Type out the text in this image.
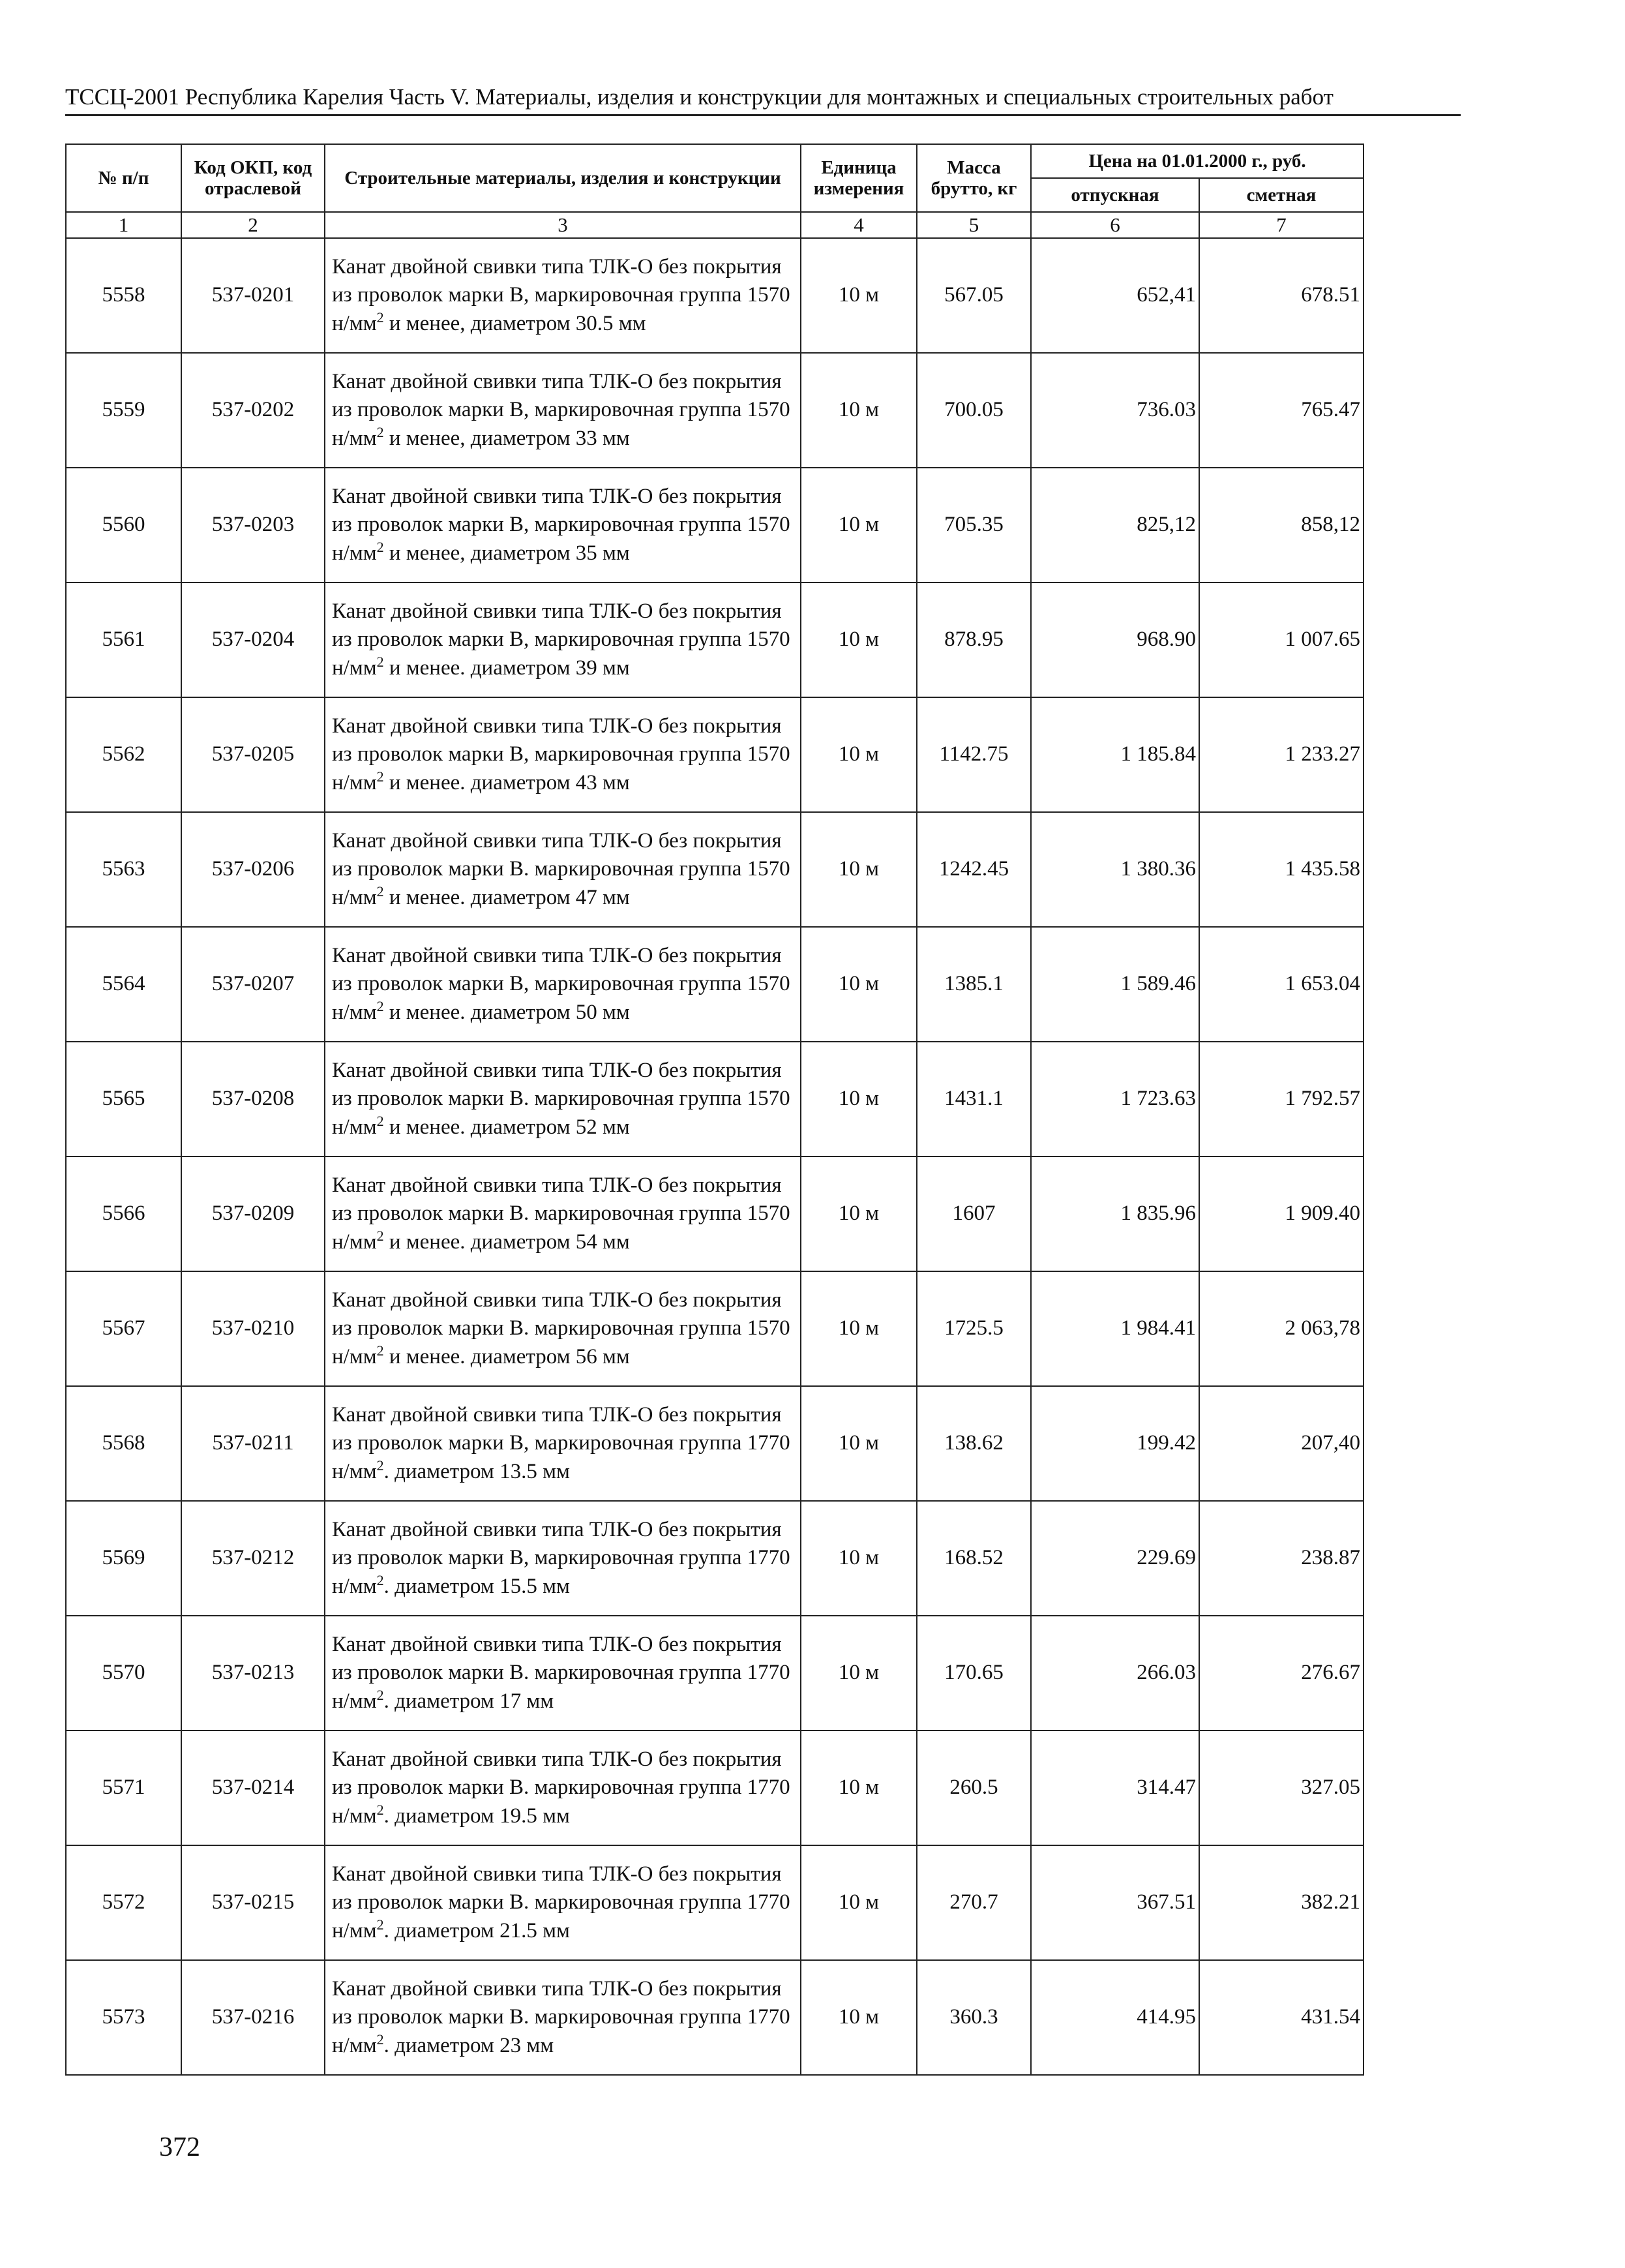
ТССЦ-2001 Республика Карелия Часть V. Материалы, изделия и конструкции для монтажных и специальных строительных работ
№ п/п	Код ОКП, код отраслевой	Строительные материалы, изделия и конструкции	Единица измерения	Масса брутто, кг	Цена на 01.01.2000 г., руб.	
					отпускная	сметная
1	2	3	4	5	6	7
5558	537-0201	Канат двойной свивки типа ТЛК-О без покрытия из проволок марки В, маркировочная группа 1570 $н/мм^2$ и менее, диаметром 30.5 мм	10 м	567.05	652,41	678.51
5559	537-0202	Канат двойной свивки типа ТЛК-О без покрытия из проволок марки В, маркировочная группа 1570 $н/мм^2$ и менее, диаметром 33 мм	10 м	700.05	736.03	765.47
5560	537-0203	Канат двойной свивки типа ТЛК-О без покрытия из проволок марки В, маркировочная группа 1570 $н/мм^2$ и менее, диаметром 35 мм	10 м	705.35	825,12	858,12
5561	537-0204	Канат двойной свивки типа ТЛК-О без покрытия из проволок марки В, маркировочная группа 1570 $н/мм^2$ и менее. диаметром 39 мм	10 м	878.95	968.90	1 007.65
5562	537-0205	Канат двойной свивки типа ТЛК-О без покрытия из проволок марки В, маркировочная группа 1570 $н/мм^2$ и менее. диаметром 43 мм	10 м	1142.75	1 185.84	1 233.27
5563	537-0206	Канат двойной свивки типа ТЛК-О без покрытия из проволок марки В. маркировочная группа 1570 $н/мм^2$ и менее. диаметром 47 мм	10 м	1242.45	1 380.36	1 435.58
5564	537-0207	Канат двойной свивки типа ТЛК-О без покрытия из проволок марки В, маркировочная группа 1570 $н/мм^2$ и менее. диаметром 50 мм	10 м	1385.1	1 589.46	1 653.04
5565	537-0208	Канат двойной свивки типа ТЛК-О без покрытия из проволок марки В. маркировочная группа 1570 $н/мм^2$ и менее. диаметром 52 мм	10 м	1431.1	1 723.63	1 792.57
5566	537-0209	Канат двойной свивки типа ТЛК-О без покрытия из проволок марки В. маркировочная группа 1570 $н/мм^2$ и менее. диаметром 54 мм	10 м	1607	1 835.96	1 909.40
5567	537-0210	Канат двойной свивки типа ТЛК-О без покрытия из проволок марки В. маркировочная группа 1570 $н/мм^2$ и менее. диаметром 56 мм	10 м	1725.5	1 984.41	2 063,78
5568	537-0211	Канат двойной свивки типа ТЛК-О без покрытия из проволок марки В, маркировочная группа 1770 $н/мм^2$. диаметром 13.5 мм	10 м	138.62	199.42	207,40
5569	537-0212	Канат двойной свивки типа ТЛК-О без покрытия из проволок марки В, маркировочная группа 1770 $н/мм^2$. диаметром 15.5 мм	10 м	168.52	229.69	238.87
5570	537-0213	Канат двойной свивки типа ТЛК-О без покрытия из проволок марки В. маркировочная группа 1770 $н/мм^2$. диаметром 17 мм	10 м	170.65	266.03	276.67
5571	537-0214	Канат двойной свивки типа ТЛК-О без покрытия из проволок марки В. маркировочная группа 1770 $н/мм^2$. диаметром 19.5 мм	10 м	260.5	314.47	327.05
5572	537-0215	Канат двойной свивки типа ТЛК-О без покрытия из проволок марки В. маркировочная группа 1770 $н/мм^2$. диаметром 21.5 мм	10 м	270.7	367.51	382.21
5573	537-0216	Канат двойной свивки типа ТЛК-О без покрытия из проволок марки В. маркировочная группа 1770 $н/мм^2$. диаметром 23 мм	10 м	360.3	414.95	431.54
372
